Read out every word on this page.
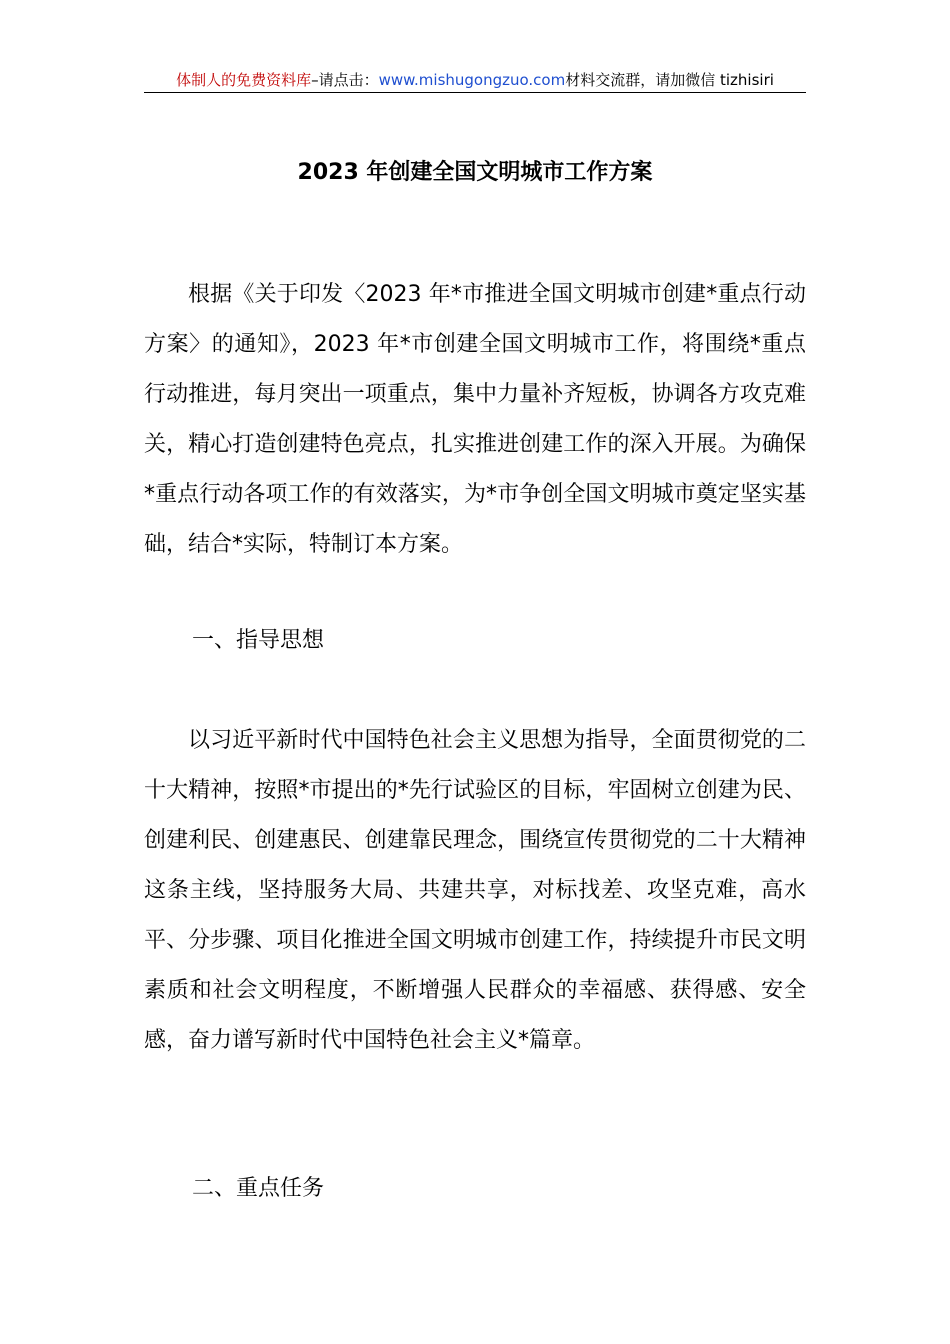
体制人的免费资料库–请点击：www.mishugongzuo.com材料交流群，请加微信 tizhisiri
2023 年创建全国文明城市工作方案

根据《关于印发〈2023 年*市推进全国文明城市创建*重点行动方案〉的通知》，2023 年*市创建全国文明城市工作，将围绕*重点行动推进，每月突出一项重点，集中力量补齐短板，协调各方攻克难关，精心打造创建特色亮点，扎实推进创建工作的深入开展。为确保*重点行动各项工作的有效落实，为*市争创全国文明城市奠定坚实基础，结合*实际，特制订本方案。

一、指导思想

以习近平新时代中国特色社会主义思想为指导，全面贯彻党的二十大精神，按照*市提出的*先行试验区的目标，牢固树立创建为民、创建利民、创建惠民、创建靠民理念，围绕宣传贯彻党的二十大精神这条主线，坚持服务大局、共建共享，对标找差、攻坚克难，高水平、分步骤、项目化推进全国文明城市创建工作，持续提升市民文明素质和社会文明程度，不断增强人民群众的幸福感、获得感、安全感，奋力谱写新时代中国特色社会主义*篇章。

二、重点任务
